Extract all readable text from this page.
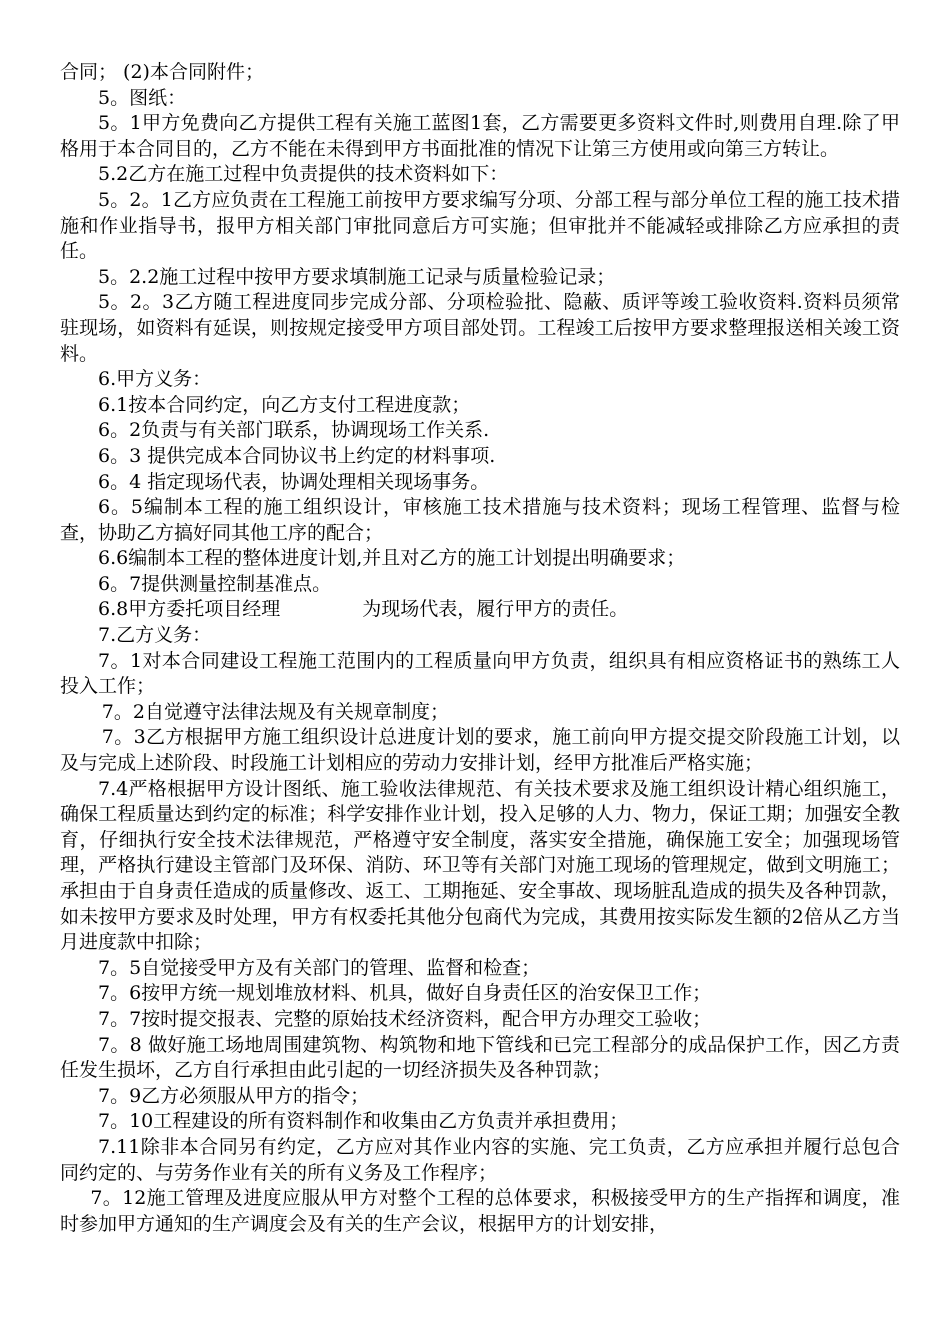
合同； (2)本合同附件；

5。图纸：

5。1甲方免费向乙方提供工程有关施工蓝图1套，乙方需要更多资料文件时,则费用自理.除了甲格用于本合同目的，乙方不能在未得到甲方书面批准的情况下让第三方使用或向第三方转让。

5.2乙方在施工过程中负责提供的技术资料如下：

5。2。1乙方应负责在工程施工前按甲方要求编写分项、分部工程与部分单位工程的施工技术措施和作业指导书，报甲方相关部门审批同意后方可实施；但审批并不能减轻或排除乙方应承担的责任。

5。2.2施工过程中按甲方要求填制施工记录与质量检验记录；

5。2。3乙方随工程进度同步完成分部、分项检验批、隐蔽、质评等竣工验收资料.资料员须常驻现场，如资料有延误，则按规定接受甲方项目部处罚。工程竣工后按甲方要求整理报送相关竣工资料。

6.甲方义务：

6.1按本合同约定，向乙方支付工程进度款；

6。2负责与有关部门联系，协调现场工作关系.

6。3 提供完成本合同协议书上约定的材料事项.

6。4 指定现场代表，协调处理相关现场事务。

6。5编制本工程的施工组织设计，审核施工技术措施与技术资料；现场工程管理、监督与检查，协助乙方搞好同其他工序的配合；

6.6编制本工程的整体进度计划,并且对乙方的施工计划提出明确要求；

6。7提供测量控制基准点。

6.8甲方委托项目经理	为现场代表，履行甲方的责任。

7.乙方义务：

7。1对本合同建设工程施工范围内的工程质量向甲方负责，组织具有相应资格证书的熟练工人投入工作；

7。2自觉遵守法律法规及有关规章制度；

7。3乙方根据甲方施工组织设计总进度计划的要求，施工前向甲方提交提交阶段施工计划，以及与完成上述阶段、时段施工计划相应的劳动力安排计划，经甲方批准后严格实施；

7.4严格根据甲方设计图纸、施工验收法律规范、有关技术要求及施工组织设计精心组织施工，确保工程质量达到约定的标准；科学安排作业计划，投入足够的人力、物力，保证工期；加强安全教育，仔细执行安全技术法律规范，严格遵守安全制度，落实安全措施，确保施工安全；加强现场管理，严格执行建设主管部门及环保、消防、环卫等有关部门对施工现场的管理规定，做到文明施工；承担由于自身责任造成的质量修改、返工、工期拖延、安全事故、现场脏乱造成的损失及各种罚款，如未按甲方要求及时处理，甲方有权委托其他分包商代为完成，其费用按实际发生额的2倍从乙方当月进度款中扣除；

7。5自觉接受甲方及有关部门的管理、监督和检查；

7。6按甲方统一规划堆放材料、机具，做好自身责任区的治安保卫工作；

7。7按时提交报表、完整的原始技术经济资料，配合甲方办理交工验收；

7。8 做好施工场地周围建筑物、构筑物和地下管线和已完工程部分的成品保护工作，因乙方责任发生损坏，乙方自行承担由此引起的一切经济损失及各种罚款；

7。9乙方必须服从甲方的指令；

7。10工程建设的所有资料制作和收集由乙方负责并承担费用；

7.11除非本合同另有约定，乙方应对其作业内容的实施、完工负责，乙方应承担并履行总包合同约定的、与劳务作业有关的所有义务及工作程序；

7。12施工管理及进度应服从甲方对整个工程的总体要求，积极接受甲方的生产指挥和调度，准时参加甲方通知的生产调度会及有关的生产会议，根据甲方的计划安排，
